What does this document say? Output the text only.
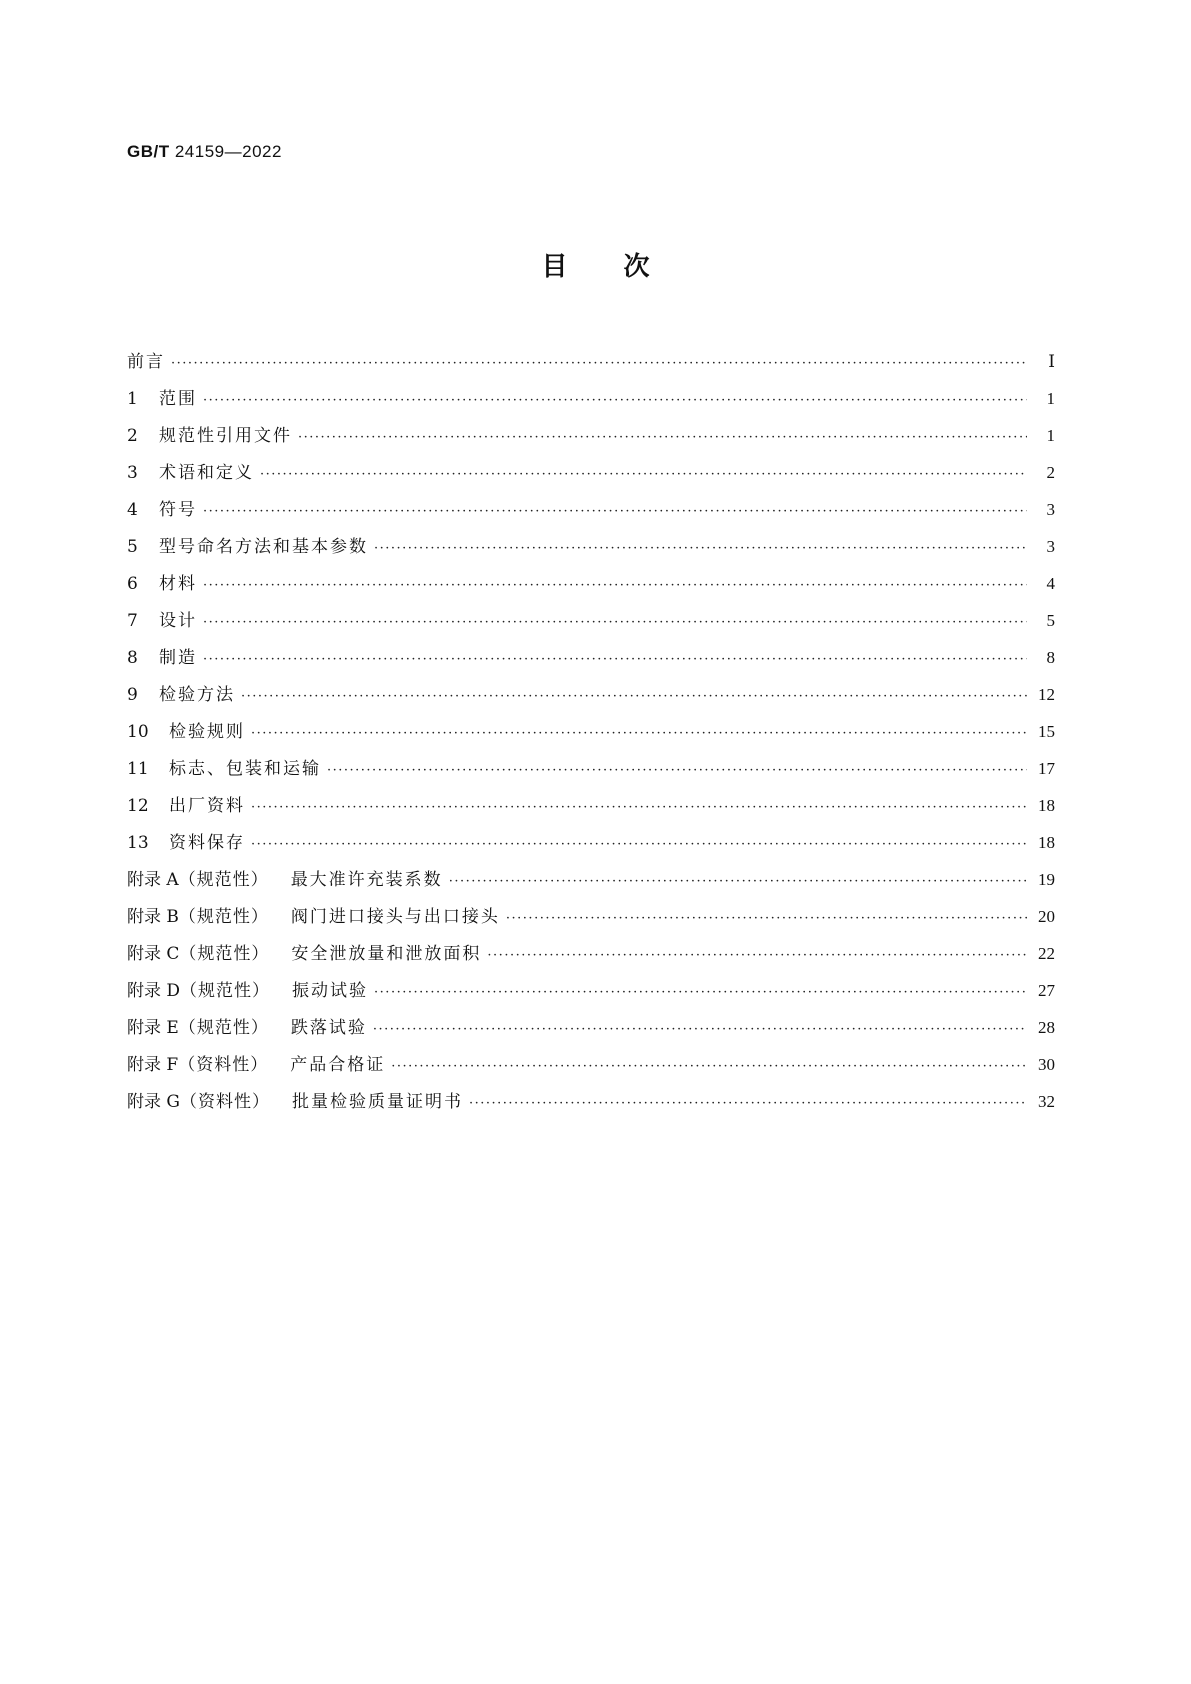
GB/T 24159—2022
目次
前言 ·····	Ⅰ
1	范围 ·····	1
2	规范性引用文件 ·····	1
3	术语和定义 ·····	2
4	符号 ·····	3
5	型号命名方法和基本参数 ·····	3
6	材料 ·····	4
7	设计 ·····	5
8	制造 ·····	8
9	检验方法 ·····	12
10	检验规则 ·····	15
11	标志、包装和运输 ·····	17
12	出厂资料 ·····	18
13	资料保存 ·····	18
附录 A （规范性） 最大准许充装系数 ·····	19
附录 B （规范性） 阀门进口接头与出口接头 ·····	20
附录 C （规范性） 安全泄放量和泄放面积 ·····	22
附录 D （规范性） 振动试验 ·····	27
附录 E （规范性） 跌落试验 ·····	28
附录 F （资料性） 产品合格证 ·····	30
附录 G （资料性） 批量检验质量证明书 ·····	32
